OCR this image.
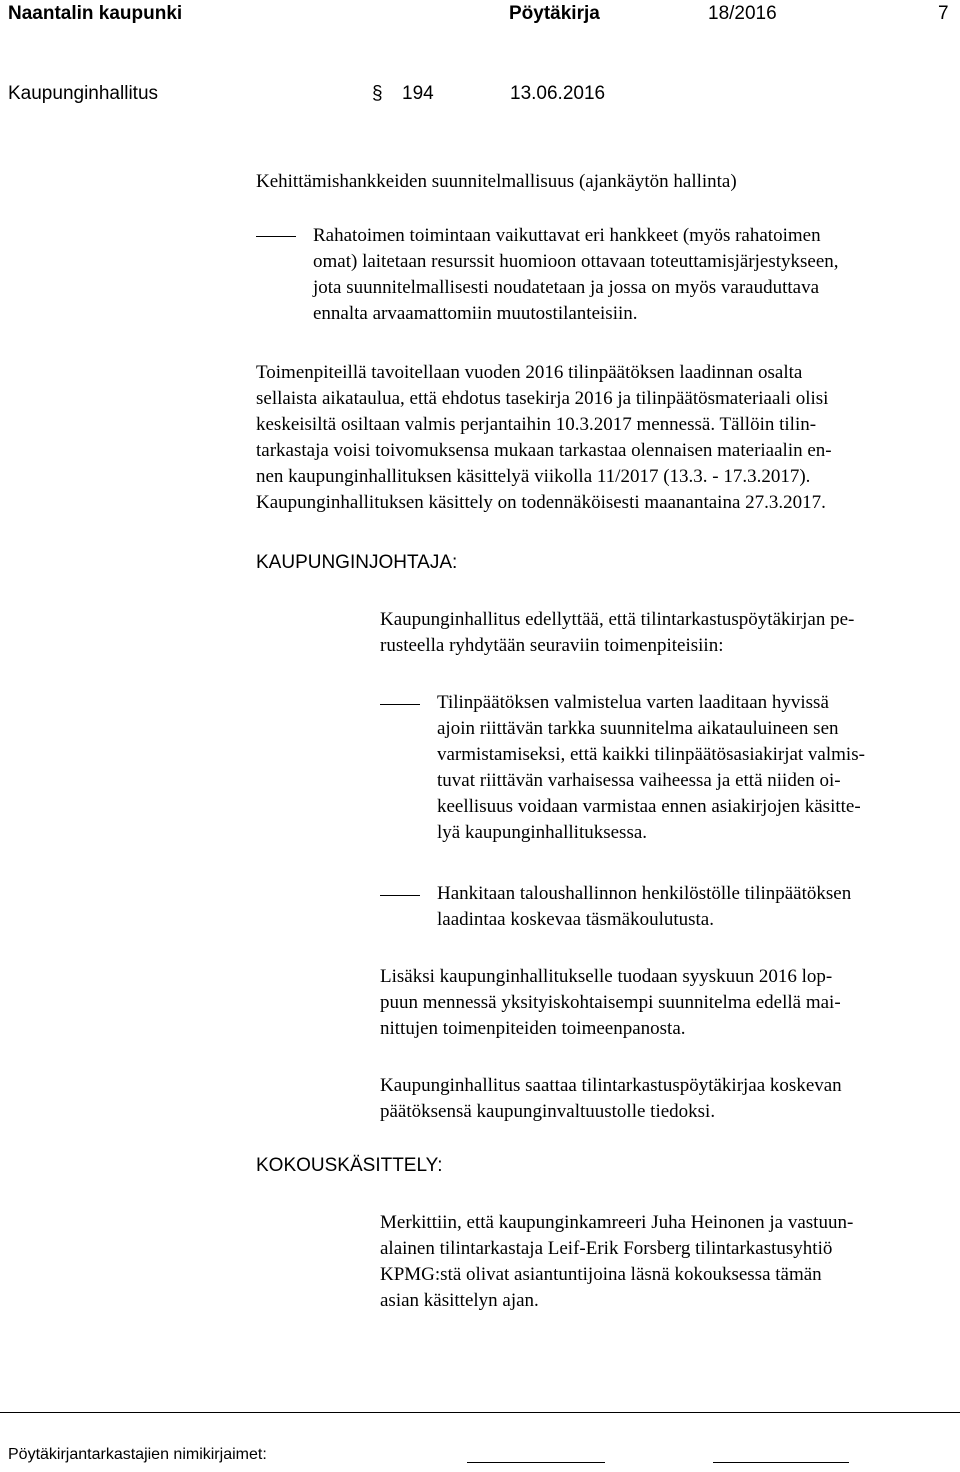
Naantalin kaupunki	Pöytäkirja	18/2016	7
Kaupunginhallitus	§ 194	13.06.2016
Kehittämishankkeiden suunnitelmallisuus (ajankäytön hallinta)
Rahatoimen toimintaan vaikuttavat eri hankkeet (myös rahatoimen
omat) laitetaan resurssit huomioon ottavaan toteuttamisjärjestykseen,
jota suunnitelmallisesti noudatetaan ja jossa on myös varauduttava
ennalta arvaamattomiin muutostilanteisiin.
Toimenpiteillä tavoitellaan vuoden 2016 tilinpäätöksen laadinnan osalta
sellaista aikataulua, että ehdotus tasekirja 2016 ja tilinpäätösmateriaali olisi
keskeisiltä osiltaan valmis perjantaihin 10.3.2017 mennessä. Tällöin tilin-
tarkastaja voisi toivomuksensa mukaan tarkastaa olennaisen materiaalin en-
nen kaupunginhallituksen käsittelyä viikolla 11/2017 (13.3. - 17.3.2017).
Kaupunginhallituksen käsittely on todennäköisesti maanantaina 27.3.2017.
KAUPUNGINJOHTAJA:
Kaupunginhallitus edellyttää, että tilintarkastuspöytäkirjan pe-
rusteella ryhdytään seuraviin toimenpiteisiin:
Tilinpäätöksen valmistelua varten laaditaan hyvissä
ajoin riittävän tarkka suunnitelma aikatauluineen sen
varmistamiseksi, että kaikki tilinpäätösasiakirjat valmis-
tuvat riittävän varhaisessa vaiheessa ja että niiden oi-
keellisuus voidaan varmistaa ennen asiakirjojen käsitte-
lyä kaupunginhallituksessa.
Hankitaan taloushallinnon henkilöstölle tilinpäätöksen
laadintaa koskevaa täsmäkoulutusta.
Lisäksi kaupunginhallitukselle tuodaan syyskuun 2016 lop-
puun mennessä yksityiskohtaisempi suunnitelma edellä mai-
nittujen toimenpiteiden toimeenpanosta.
Kaupunginhallitus saattaa tilintarkastuspöytäkirjaa koskevan
päätöksensä kaupunginvaltuustolle tiedoksi.
KOKOUSKÄSITTELY:
Merkittiin, että kaupunginkamreeri Juha Heinonen ja vastuun-
alainen tilintarkastaja Leif-Erik Forsberg tilintarkastusyhtiö
KPMG:stä olivat asiantuntijoina läsnä kokouksessa tämän
asian käsittelyn ajan.
Pöytäkirjantarkastajien nimikirjaimet:
